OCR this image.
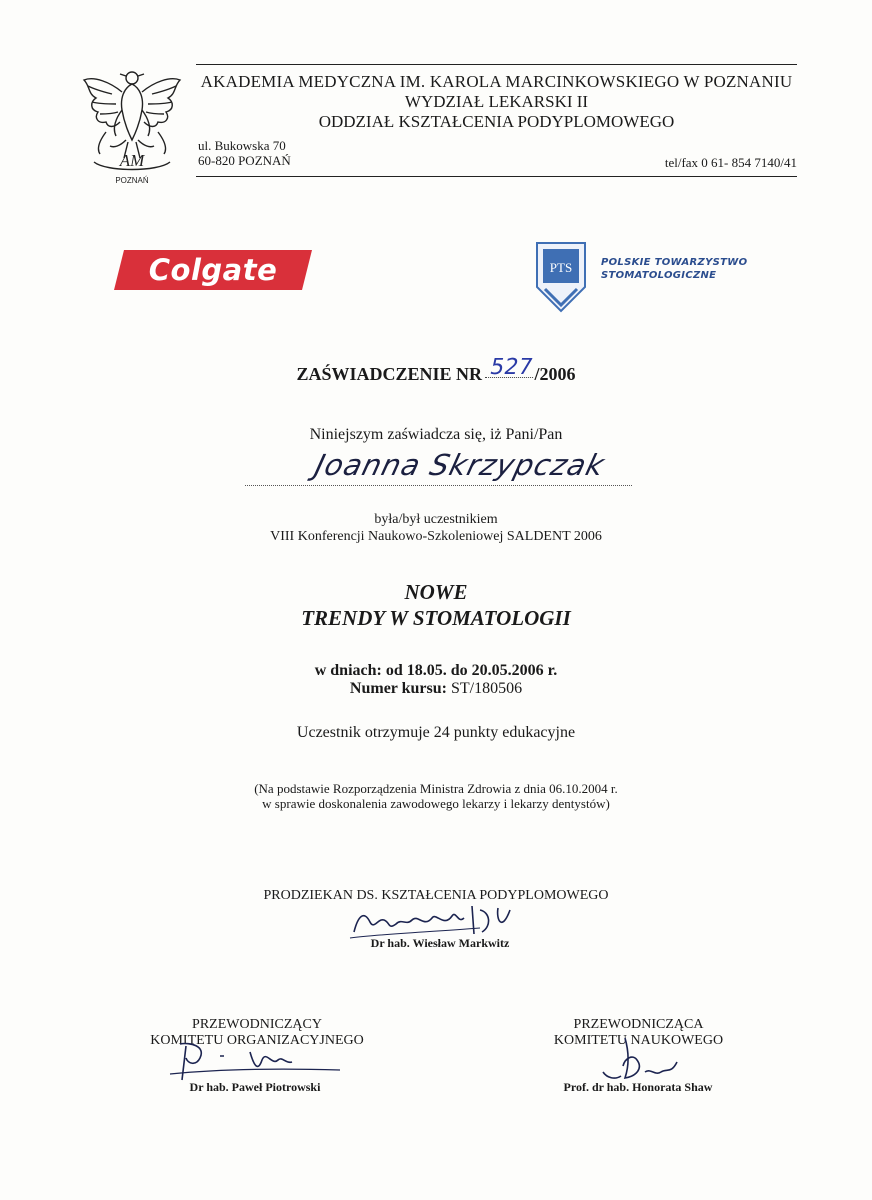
AM
POZNAŃ
AKADEMIA MEDYCZNA IM. KAROLA MARCINKOWSKIEGO W POZNANIU
WYDZIAŁ LEKARSKI II
ODDZIAŁ KSZTAŁCENIA PODYPLOMOWEGO
ul. Bukowska 70
60-820 POZNAŃ	tel/fax 0 61- 854 7140/41
Colgate	PTS	POLSKIE TOWARZYSTWO
STOMATOLOGICZNE
ZAŚWIADCZENIE NR 527/2006
Niniejszym zaświadcza się, iż Pani/Pan
Joanna Skrzypczak
była/był uczestnikiem
VIII Konferencji Naukowo-Szkoleniowej SALDENT 2006
NOWE
TRENDY W STOMATOLOGII
w dniach: od 18.05. do 20.05.2006 r.
Numer kursu: ST/180506
Uczestnik otrzymuje 24 punkty edukacyjne
(Na podstawie Rozporządzenia Ministra Zdrowia z dnia 06.10.2004 r.
w sprawie doskonalenia zawodowego lekarzy i lekarzy dentystów)
PRODZIEKAN DS. KSZTAŁCENIA PODYPLOMOWEGO
Dr hab. Wiesław Markwitz
PRZEWODNICZĄCY
KOMITETU ORGANIZACYJNEGO
Dr hab. Paweł Piotrowski
PRZEWODNICZĄCA
KOMITETU NAUKOWEGO
Prof. dr hab. Honorata Shaw
